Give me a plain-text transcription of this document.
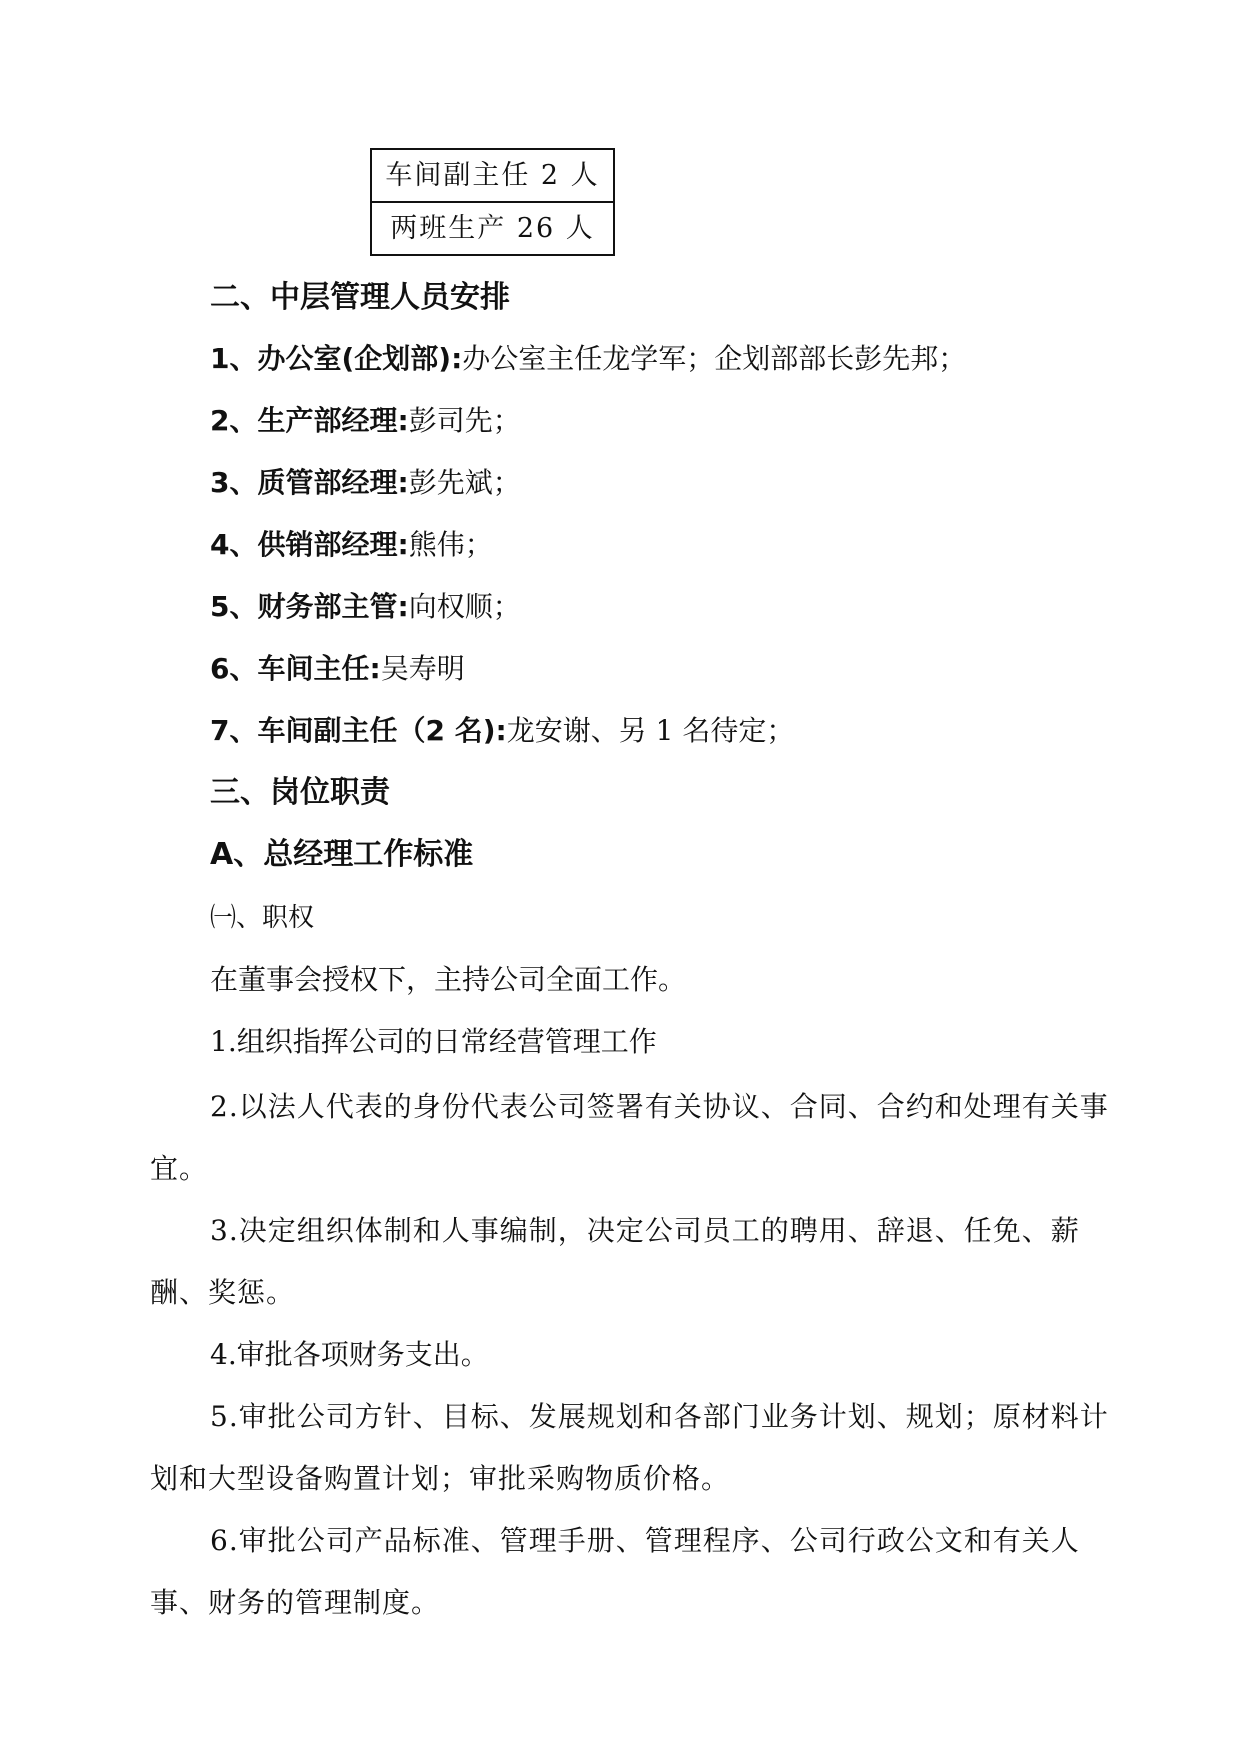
车间副主任 2 人
两班生产 26 人
二、中层管理人员安排
1、办公室(企划部):办公室主任龙学军；企划部部长彭先邦；
2、生产部经理:彭司先；
3、质管部经理:彭先斌；
4、供销部经理:熊伟；
5、财务部主管:向权顺；
6、车间主任:吴寿明
7、车间副主任（2 名):龙安谢、另 1 名待定；
三、岗位职责
A、总经理工作标准
㈠、职权
在董事会授权下，主持公司全面工作。
1.组织指挥公司的日常经营管理工作
2.以法人代表的身份代表公司签署有关协议、合同、合约和处理有关事宜。
3.决定组织体制和人事编制，决定公司员工的聘用、辞退、任免、薪酬、奖惩。
4.审批各项财务支出。
5.审批公司方针、目标、发展规划和各部门业务计划、规划；原材料计划和大型设备购置计划；审批采购物质价格。
6.审批公司产品标准、管理手册、管理程序、公司行政公文和有关人事、财务的管理制度。
